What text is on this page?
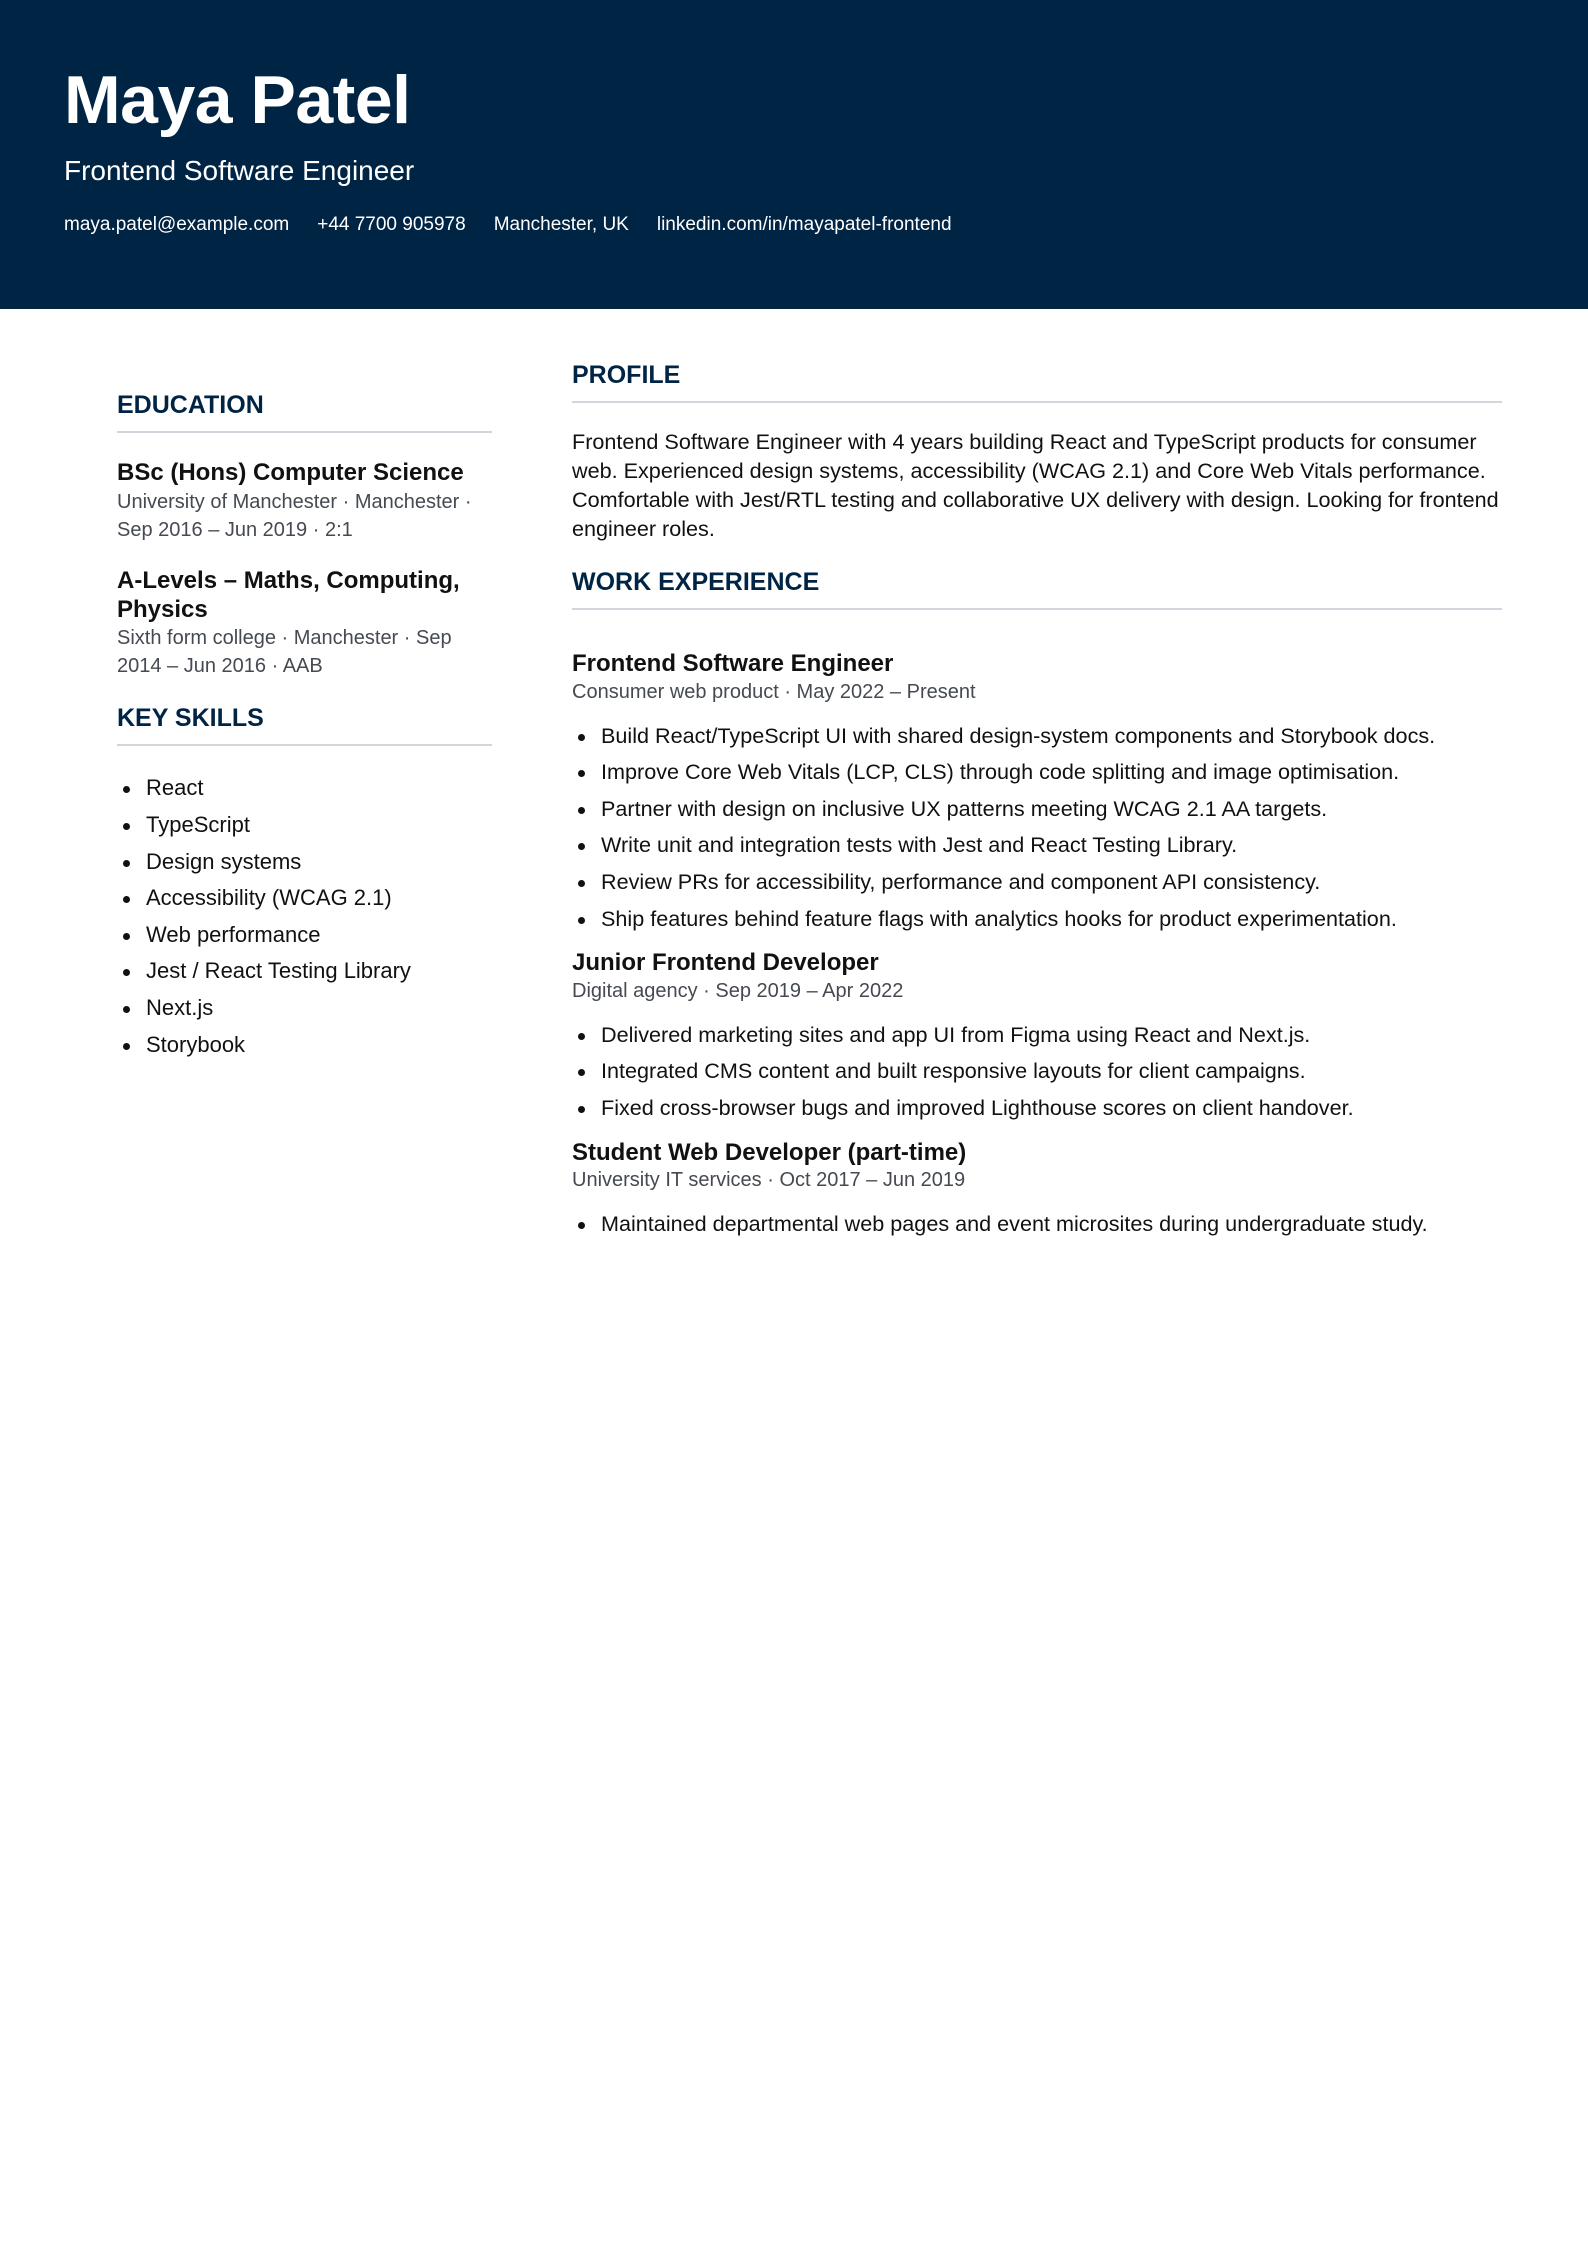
Maya Patel
Frontend Software Engineer
maya.patel@example.com +44 7700 905978 Manchester, UK linkedin.com/in/mayapatel-frontend
EDUCATION
BSc (Hons) Computer Science
University of Manchester · Manchester · Sep 2016 – Jun 2019 · 2:1
A-Levels – Maths, Computing, Physics
Sixth form college · Manchester · Sep 2014 – Jun 2016 · AAB
KEY SKILLS
React
TypeScript
Design systems
Accessibility (WCAG 2.1)
Web performance
Jest / React Testing Library
Next.js
Storybook
PROFILE

Frontend Software Engineer with 4 years building React and TypeScript products for consumer web. Experienced design systems, accessibility (WCAG 2.1) and Core Web Vitals performance. Comfortable with Jest/RTL testing and collaborative UX delivery with design. Looking for frontend engineer roles.

WORK EXPERIENCE
Frontend Software Engineer
Consumer web product · May 2022 – Present
Build React/TypeScript UI with shared design-system components and Storybook docs.
Improve Core Web Vitals (LCP, CLS) through code splitting and image optimisation.
Partner with design on inclusive UX patterns meeting WCAG 2.1 AA targets.
Write unit and integration tests with Jest and React Testing Library.
Review PRs for accessibility, performance and component API consistency.
Ship features behind feature flags with analytics hooks for product experimentation.
Junior Frontend Developer
Digital agency · Sep 2019 – Apr 2022
Delivered marketing sites and app UI from Figma using React and Next.js.
Integrated CMS content and built responsive layouts for client campaigns.
Fixed cross-browser bugs and improved Lighthouse scores on client handover.
Student Web Developer (part-time)
University IT services · Oct 2017 – Jun 2019
Maintained departmental web pages and event microsites during undergraduate study.
